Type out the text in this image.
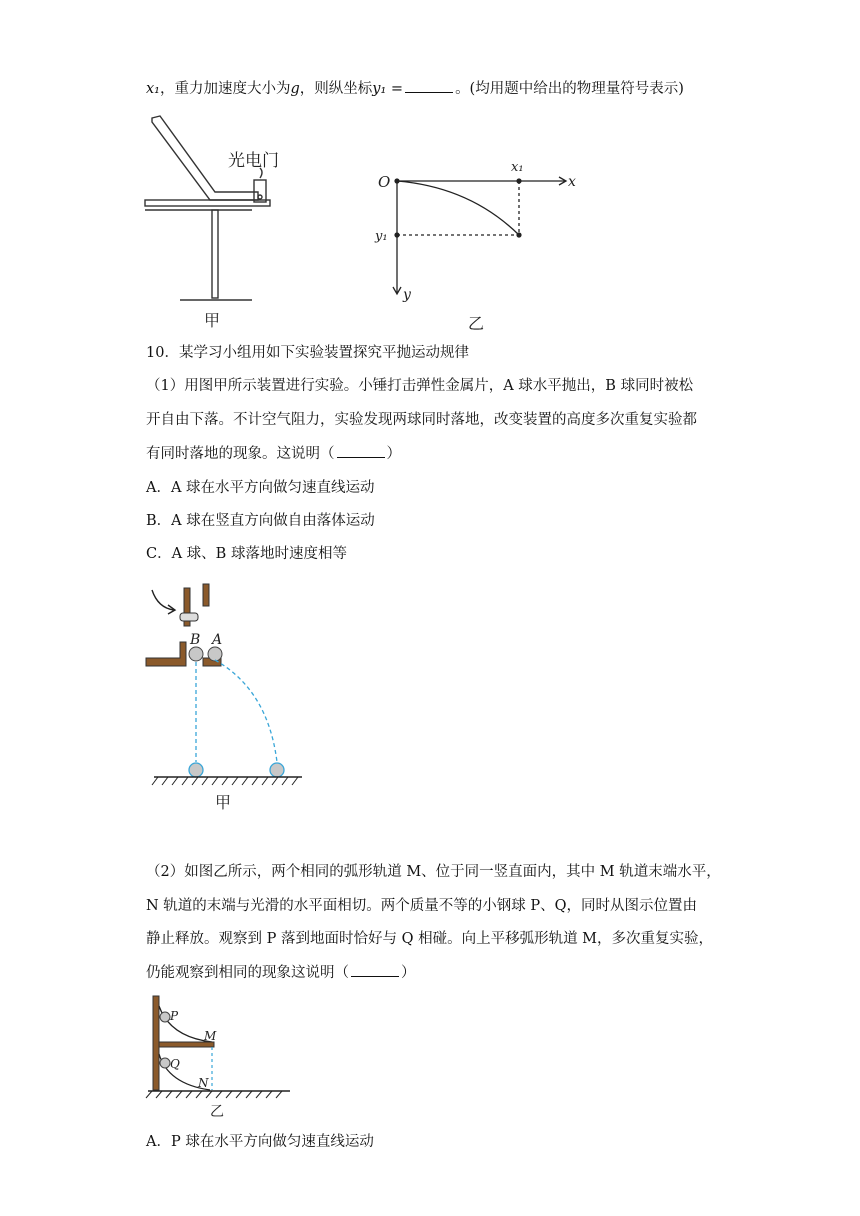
x₁，重力加速度大小为g，则纵坐标y₁ =	。(均用题中给出的物理量符号表示)
光电门
甲
O
x₁
x
y₁
y
乙
10．某学习小组用如下实验装置探究平抛运动规律
（1）用图甲所示装置进行实验。小锤打击弹性金属片，A 球水平抛出，B 球同时被松
开自由下落。不计空气阻力，实验发现两球同时落地，改变装置的高度多次重复实验都
有同时落地的现象。这说明（	）
A．A 球在水平方向做匀速直线运动
B．A 球在竖直方向做自由落体运动
C．A 球、B 球落地时速度相等
B A
甲
（2）如图乙所示，两个相同的弧形轨道 M、位于同一竖直面内，其中 M 轨道末端水平，
N 轨道的末端与光滑的水平面相切。两个质量不等的小钢球 P、Q，同时从图示位置由
静止释放。观察到 P 落到地面时恰好与 Q 相碰。向上平移弧形轨道 M，多次重复实验，
仍能观察到相同的现象这说明（	）
P
M
Q
N
乙
A．P 球在水平方向做匀速直线运动
